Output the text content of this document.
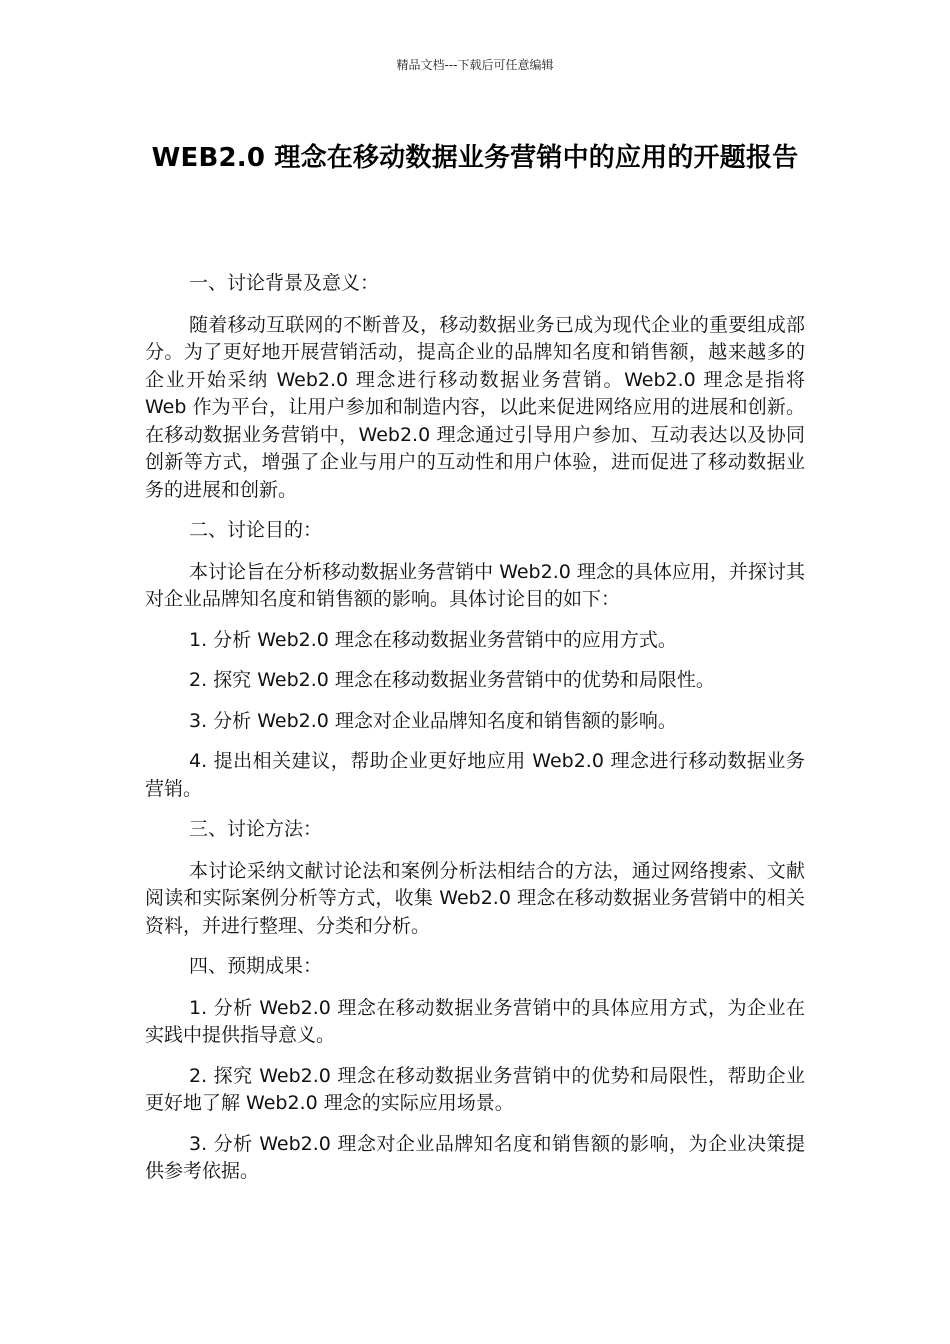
精品文档---下载后可任意编辑
WEB2.0 理念在移动数据业务营销中的应用的开题报告

一、讨论背景及意义：

随着移动互联网的不断普及，移动数据业务已成为现代企业的重要组成部分。为了更好地开展营销活动，提高企业的品牌知名度和销售额，越来越多的企业开始采纳 Web2.0 理念进行移动数据业务营销。Web2.0 理念是指将 Web 作为平台，让用户参加和制造内容，以此来促进网络应用的进展和创新。在移动数据业务营销中，Web2.0 理念通过引导用户参加、互动表达以及协同创新等方式，增强了企业与用户的互动性和用户体验，进而促进了移动数据业务的进展和创新。

二、讨论目的：

本讨论旨在分析移动数据业务营销中 Web2.0 理念的具体应用，并探讨其对企业品牌知名度和销售额的影响。具体讨论目的如下：

1. 分析 Web2.0 理念在移动数据业务营销中的应用方式。

2. 探究 Web2.0 理念在移动数据业务营销中的优势和局限性。

3. 分析 Web2.0 理念对企业品牌知名度和销售额的影响。

4. 提出相关建议，帮助企业更好地应用 Web2.0 理念进行移动数据业务营销。

三、讨论方法：

本讨论采纳文献讨论法和案例分析法相结合的方法，通过网络搜索、文献阅读和实际案例分析等方式，收集 Web2.0 理念在移动数据业务营销中的相关资料，并进行整理、分类和分析。

四、预期成果：

1. 分析 Web2.0 理念在移动数据业务营销中的具体应用方式，为企业在实践中提供指导意义。

2. 探究 Web2.0 理念在移动数据业务营销中的优势和局限性，帮助企业更好地了解 Web2.0 理念的实际应用场景。

3. 分析 Web2.0 理念对企业品牌知名度和销售额的影响，为企业决策提供参考依据。
